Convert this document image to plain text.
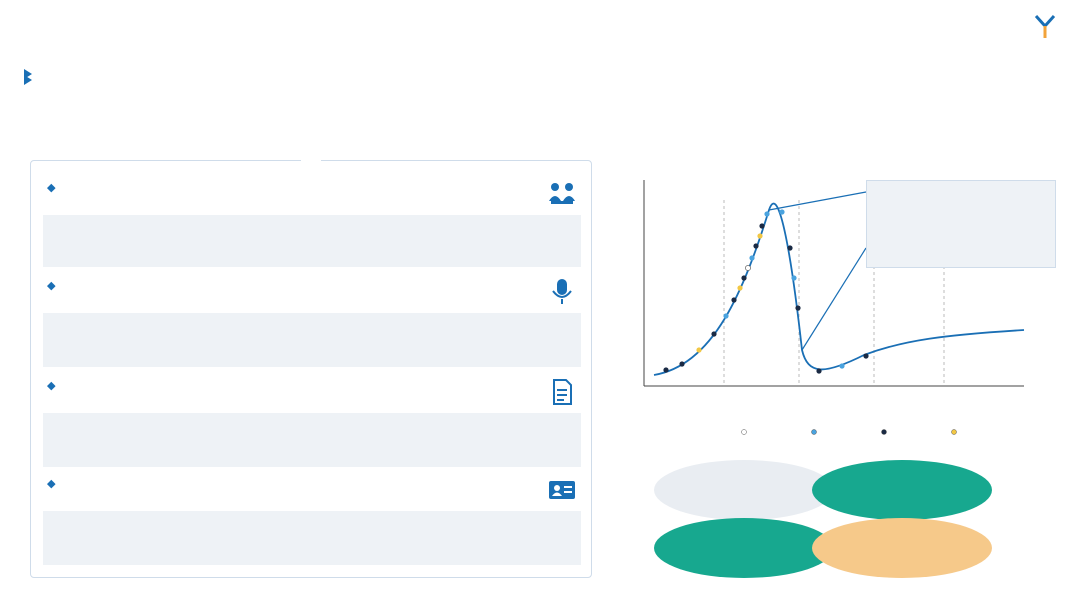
◆
◆
◆
◆
